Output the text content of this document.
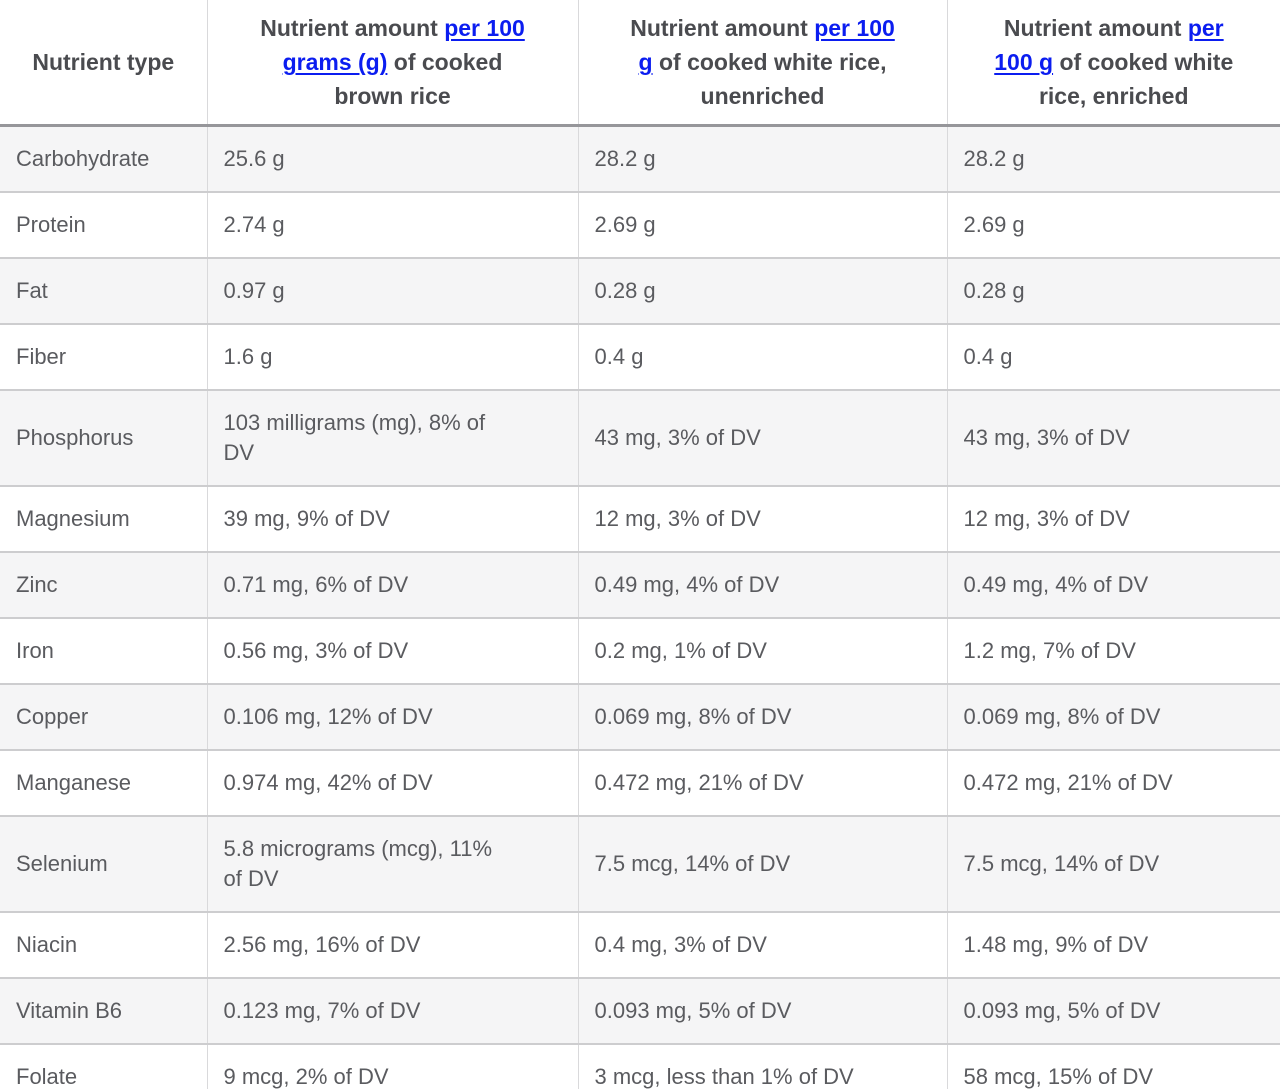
Nutrient type	Nutrient amount per 100 grams (g) of cooked brown rice	Nutrient amount per 100 g of cooked white rice, unenriched	Nutrient amount per 100 g of cooked white rice, enriched
Carbohydrate	25.6 g	28.2 g	28.2 g
Protein	2.74 g	2.69 g	2.69 g
Fat	0.97 g	0.28 g	0.28 g
Fiber	1.6 g	0.4 g	0.4 g
Phosphorus	103 milligrams (mg), 8% of DV	43 mg, 3% of DV	43 mg, 3% of DV
Magnesium	39 mg, 9% of DV	12 mg, 3% of DV	12 mg, 3% of DV
Zinc	0.71 mg, 6% of DV	0.49 mg, 4% of DV	0.49 mg, 4% of DV
Iron	0.56 mg, 3% of DV	0.2 mg, 1% of DV	1.2 mg, 7% of DV
Copper	0.106 mg, 12% of DV	0.069 mg, 8% of DV	0.069 mg, 8% of DV
Manganese	0.974 mg, 42% of DV	0.472 mg, 21% of DV	0.472 mg, 21% of DV
Selenium	5.8 micrograms (mcg), 11% of DV	7.5 mcg, 14% of DV	7.5 mcg, 14% of DV
Niacin	2.56 mg, 16% of DV	0.4 mg, 3% of DV	1.48 mg, 9% of DV
Vitamin B6	0.123 mg, 7% of DV	0.093 mg, 5% of DV	0.093 mg, 5% of DV
Folate	9 mcg, 2% of DV	3 mcg, less than 1% of DV	58 mcg, 15% of DV
